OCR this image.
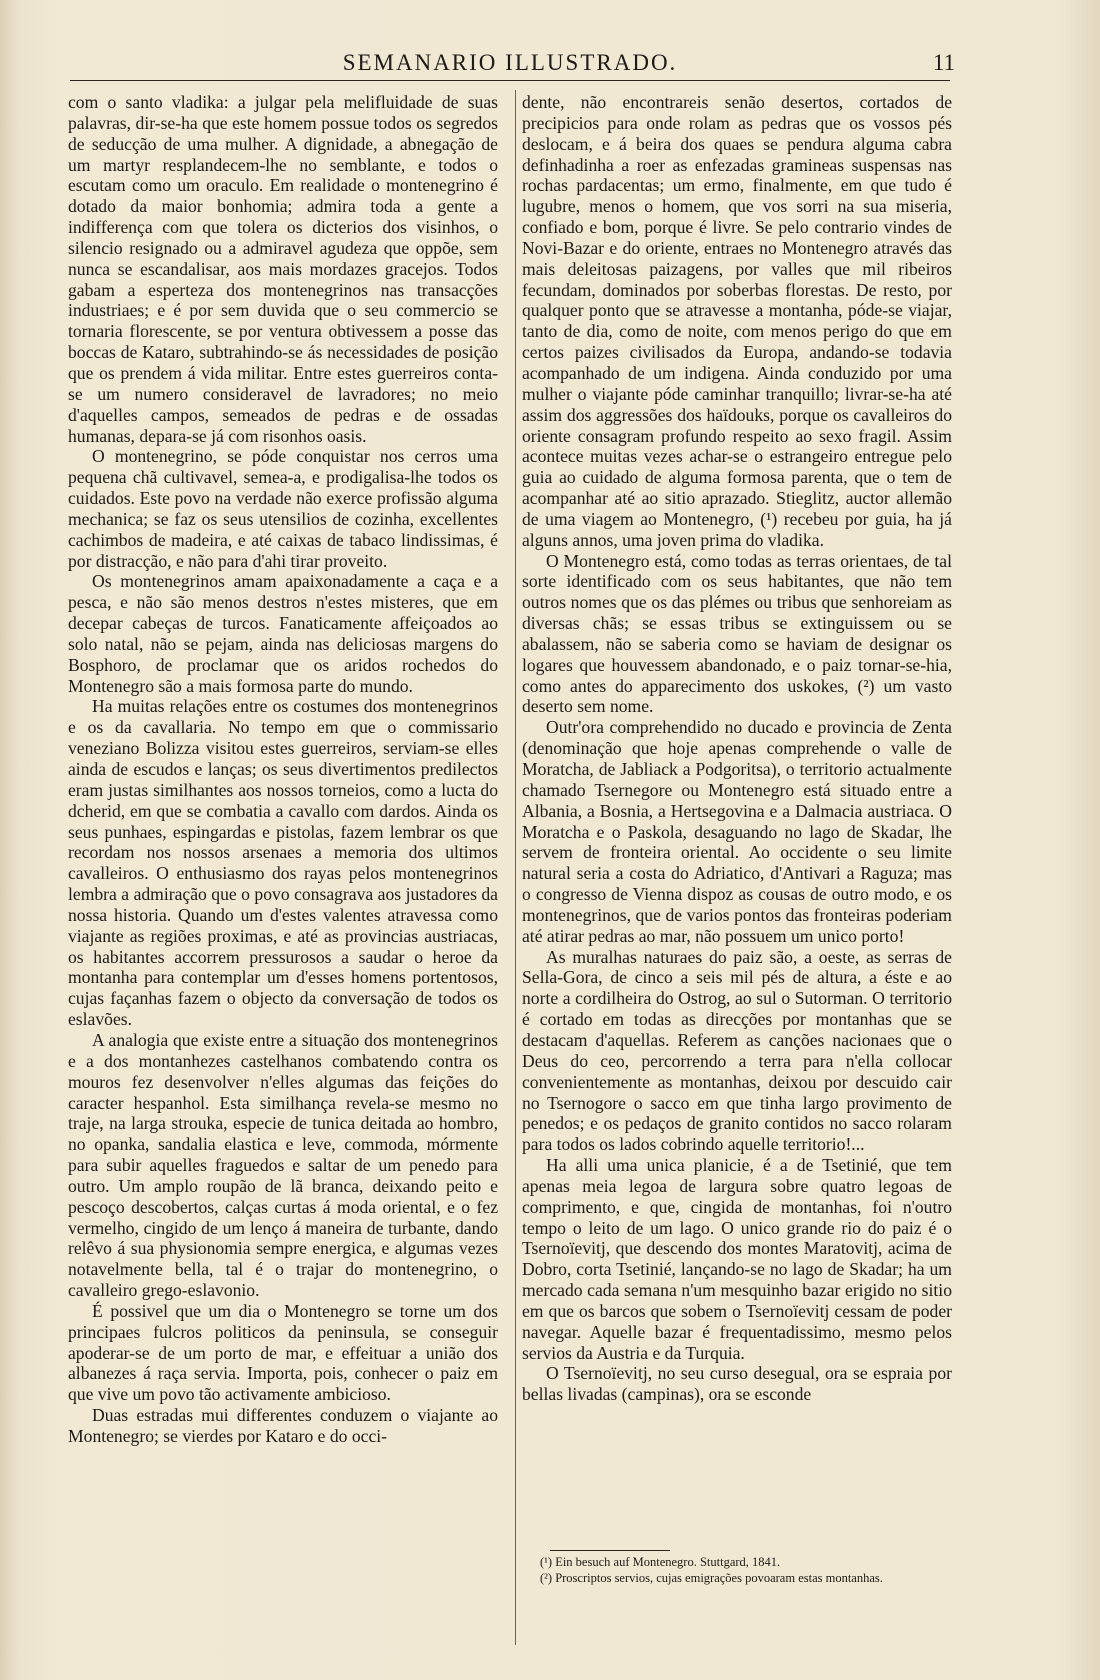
SEMANARIO ILLUSTRADO.	11

com o santo vladika: a julgar pela melifluidade de suas palavras, dir-se-ha que este homem possue todos os segredos de seducção de uma mulher. A dignidade, a abnegação de um martyr resplandecem-lhe no semblante, e todos o escutam como um oraculo. Em realidade o montenegrino é dotado da maior bonhomia; admira toda a gente a indifferença com que tolera os dicterios dos visinhos, o silencio resignado ou a admiravel agudeza que oppõe, sem nunca se escandalisar, aos mais mordazes gracejos. Todos gabam a esperteza dos montenegrinos nas transacções industriaes; e é por sem duvida que o seu commercio se tornaria florescente, se por ventura obtivessem a posse das boccas de Kataro, subtrahindo-se ás necessidades de posição que os prendem á vida militar. Entre estes guerreiros conta-se um numero consideravel de lavradores; no meio d'aquelles campos, semeados de pedras e de ossadas humanas, depara-se já com risonhos oasis.

O montenegrino, se póde conquistar nos cerros uma pequena chã cultivavel, semea-a, e prodigalisa-lhe todos os cuidados. Este povo na verdade não exerce profissão alguma mechanica; se faz os seus utensilios de cozinha, excellentes cachimbos de madeira, e até caixas de tabaco lindissimas, é por distracção, e não para d'ahi tirar proveito.

Os montenegrinos amam apaixonadamente a caça e a pesca, e não são menos destros n'estes misteres, que em decepar cabeças de turcos. Fanaticamente affeiçoados ao solo natal, não se pejam, ainda nas deliciosas margens do Bosphoro, de proclamar que os aridos rochedos do Montenegro são a mais formosa parte do mundo.

Ha muitas relações entre os costumes dos montenegrinos e os da cavallaria. No tempo em que o commissario veneziano Bolizza visitou estes guerreiros, serviam-se elles ainda de escudos e lanças; os seus divertimentos predilectos eram justas similhantes aos nossos torneios, como a lucta do dcherid, em que se combatia a cavallo com dardos. Ainda os seus punhaes, espingardas e pistolas, fazem lembrar os que recordam nos nossos arsenaes a memoria dos ultimos cavalleiros. O enthusiasmo dos rayas pelos montenegrinos lembra a admiração que o povo consagrava aos justadores da nossa historia. Quando um d'estes valentes atravessa como viajante as regiões proximas, e até as provincias austriacas, os habitantes accorrem pressurosos a saudar o heroe da montanha para contemplar um d'esses homens portentosos, cujas façanhas fazem o objecto da conversação de todos os eslavões.

A analogia que existe entre a situação dos montenegrinos e a dos montanhezes castelhanos combatendo contra os mouros fez desenvolver n'elles algumas das feições do caracter hespanhol. Esta similhança revela-se mesmo no traje, na larga strouka, especie de tunica deitada ao hombro, no opanka, sandalia elastica e leve, commoda, mórmente para subir aquelles fraguedos e saltar de um penedo para outro. Um amplo roupão de lã branca, deixando peito e pescoço descobertos, calças curtas á moda oriental, e o fez vermelho, cingido de um lenço á maneira de turbante, dando relêvo á sua physionomia sempre energica, e algumas vezes notavelmente bella, tal é o trajar do montenegrino, o cavalleiro grego-eslavonio.

É possivel que um dia o Montenegro se torne um dos principaes fulcros politicos da peninsula, se conseguir apoderar-se de um porto de mar, e effeituar a união dos albanezes á raça servia. Importa, pois, conhecer o paiz em que vive um povo tão activamente ambicioso.

Duas estradas mui differentes conduzem o viajante ao Montenegro; se vierdes por Kataro e do occi-

dente, não encontrareis senão desertos, cortados de precipicios para onde rolam as pedras que os vossos pés deslocam, e á beira dos quaes se pendura alguma cabra definhadinha a roer as enfezadas gramineas suspensas nas rochas pardacentas; um ermo, finalmente, em que tudo é lugubre, menos o homem, que vos sorri na sua miseria, confiado e bom, porque é livre. Se pelo contrario vindes de Novi-Bazar e do oriente, entraes no Montenegro através das mais deleitosas paizagens, por valles que mil ribeiros fecundam, dominados por soberbas florestas. De resto, por qualquer ponto que se atravesse a montanha, póde-se viajar, tanto de dia, como de noite, com menos perigo do que em certos paizes civilisados da Europa, andando-se todavia acompanhado de um indigena. Ainda conduzido por uma mulher o viajante póde caminhar tranquillo; livrar-se-ha até assim dos aggressões dos haïdouks, porque os cavalleiros do oriente consagram profundo respeito ao sexo fragil. Assim acontece muitas vezes achar-se o estrangeiro entregue pelo guia ao cuidado de alguma formosa parenta, que o tem de acompanhar até ao sitio aprazado. Stieglitz, auctor allemão de uma viagem ao Montenegro, (¹) recebeu por guia, ha já alguns annos, uma joven prima do vladika.

O Montenegro está, como todas as terras orientaes, de tal sorte identificado com os seus habitantes, que não tem outros nomes que os das plémes ou tribus que senhoreiam as diversas chãs; se essas tribus se extinguissem ou se abalassem, não se saberia como se haviam de designar os logares que houvessem abandonado, e o paiz tornar-se-hia, como antes do apparecimento dos uskokes, (²) um vasto deserto sem nome.

Outr'ora comprehendido no ducado e provincia de Zenta (denominação que hoje apenas comprehende o valle de Moratcha, de Jabliack a Podgoritsa), o territorio actualmente chamado Tsernegore ou Montenegro está situado entre a Albania, a Bosnia, a Hertsegovina e a Dalmacia austriaca. O Moratcha e o Paskola, desaguando no lago de Skadar, lhe servem de fronteira oriental. Ao occidente o seu limite natural seria a costa do Adriatico, d'Antivari a Raguza; mas o congresso de Vienna dispoz as cousas de outro modo, e os montenegrinos, que de varios pontos das fronteiras poderiam até atirar pedras ao mar, não possuem um unico porto!

As muralhas naturaes do paiz são, a oeste, as serras de Sella-Gora, de cinco a seis mil pés de altura, a éste e ao norte a cordilheira do Ostrog, ao sul o Sutorman. O territorio é cortado em todas as direcções por montanhas que se destacam d'aquellas. Referem as canções nacionaes que o Deus do ceo, percorrendo a terra para n'ella collocar convenientemente as montanhas, deixou por descuido cair no Tsernogore o sacco em que tinha largo provimento de penedos; e os pedaços de granito contidos no sacco rolaram para todos os lados cobrindo aquelle territorio!...

Ha alli uma unica planicie, é a de Tsetinié, que tem apenas meia legoa de largura sobre quatro legoas de comprimento, e que, cingida de montanhas, foi n'outro tempo o leito de um lago. O unico grande rio do paiz é o Tsernoïevitj, que descendo dos montes Maratovitj, acima de Dobro, corta Tsetinié, lançando-se no lago de Skadar; ha um mercado cada semana n'um mesquinho bazar erigido no sitio em que os barcos que sobem o Tsernoïevitj cessam de poder navegar. Aquelle bazar é frequentadissimo, mesmo pelos servios da Austria e da Turquia.

O Tsernoïevitj, no seu curso desegual, ora se espraia por bellas livadas (campinas), ora se esconde

(¹) Ein besuch auf Montenegro. Stuttgard, 1841.

(²) Proscriptos servios, cujas emigrações povoaram estas montanhas.
